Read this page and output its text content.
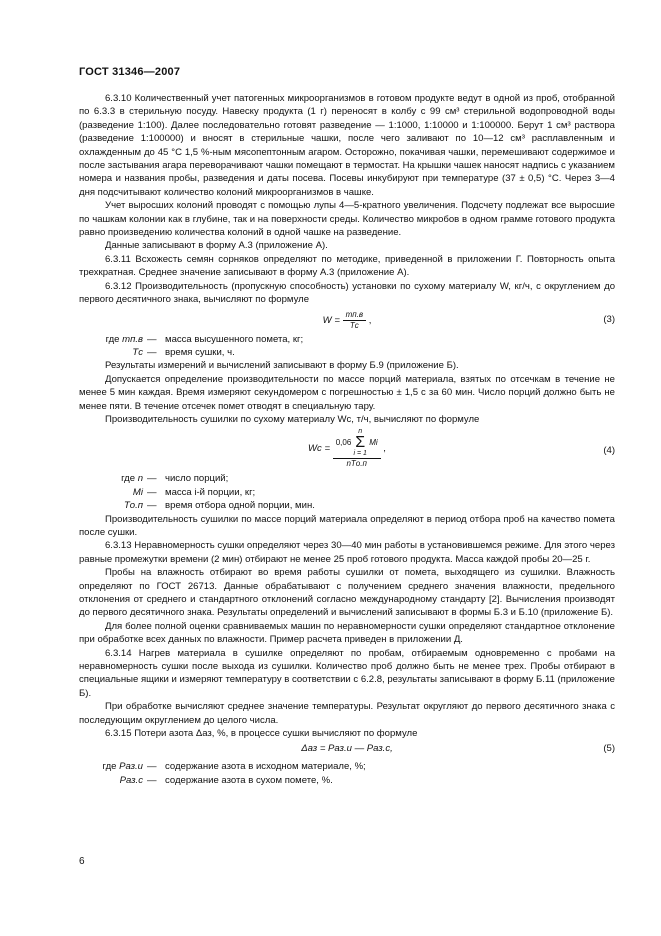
ГОСТ 31346—2007

6.3.10 Количественный учет патогенных микроорганизмов в готовом продукте ведут в одной из проб, отобранной по 6.3.3 в стерильную посуду. Навеску продукта (1 г) переносят в колбу с 99 см³ стерильной водопроводной воды (разведение 1:100). Далее последовательно готовят разведение — 1:1000, 1:10000 и 1:100000. Берут 1 см³ раствора (разведение 1:100000) и вносят в стерильные чашки, после чего заливают по 10—12 см³ расплавленным и охлажденным до 45 °С 1,5 %-ным мясопептонным агаром. Осторожно, покачивая чашки, перемешивают содержимое и после застывания агара переворачивают чашки помещают в термостат. На крышки чашек наносят надпись с указанием номера и названия пробы, разведения и даты посева. Посевы инкубируют при температуре (37 ± 0,5) °С. Через 3—4 дня подсчитывают количество колоний микроорганизмов в чашке.

Учет выросших колоний проводят с помощью лупы 4—5-кратного увеличения. Подсчету подлежат все выросшие по чашкам колонии как в глубине, так и на поверхности среды. Количество микробов в одном грамме готового продукта равно произведению количества колоний в одной чашке на разведение.

Данные записывают в форму А.3 (приложение А).

6.3.11 Всхожесть семян сорняков определяют по методике, приведенной в приложении Г. Повторность опыта трехкратная. Среднее значение записывают в форму А.3 (приложение А).

6.3.12 Производительность (пропускную способность) установки по сухому материалу W, кг/ч, с округлением до первого десятичного знака, вычисляют по формуле

$W = \frac{mп.в}{Tс}$ ,	(3)
где mп.в — масса высушенного помета, кг;
Tс — время сушки, ч.

Результаты измерений и вычислений записывают в форму Б.9 (приложение Б).

Допускается определение производительности по массе порций материала, взятых по отсечкам в течение не менее 5 мин каждая. Время измеряют секундомером с погрешностью ± 1,5 с за 60 мин. Число порций должно быть не менее пяти. В течение отсечек помет отводят в специальную тару.

Производительность сушилки по сухому материалу Wс, т/ч, вычисляют по формуле

Wс =
0,06
n
Σ
i = 1
Mi
nTо.п
,	(4)
где n — число порций;
Mi — масса i-й порции, кг;
Tо.п — время отбора одной порции, мин.

Производительность сушилки по массе порций материала определяют в период отбора проб на качество помета после сушки.

6.3.13 Неравномерность сушки определяют через 30—40 мин работы в установившемся режиме. Для этого через равные промежутки времени (2 мин) отбирают не менее 25 проб готового продукта. Масса каждой пробы 20—25 г.

Пробы на влажность отбирают во время работы сушилки от помета, выходящего из сушилки. Влажность определяют по ГОСТ 26713. Данные обрабатывают с получением среднего значения влажности, предельного отклонения от среднего и стандартного отклонений согласно международному стандарту [2]. Вычисления производят до первого десятичного знака. Результаты определений и вычислений записывают в формы Б.3 и Б.10 (приложение Б).

Для более полной оценки сравниваемых машин по неравномерности сушки определяют стандартное отклонение при обработке всех данных по влажности. Пример расчета приведен в приложении Д.

6.3.14 Нагрев материала в сушилке определяют по пробам, отбираемым одновременно с пробами на неравномерность сушки после выхода из сушилки. Количество проб должно быть не менее трех. Пробы отбирают в специальные ящики и измеряют температуру в соответствии с 6.2.8, результаты записывают в форму Б.11 (приложение Б).

При обработке вычисляют среднее значение температуры. Результат округляют до первого десятичного знака с последующим округлением до целого числа.

6.3.15 Потери азота Δаз, %, в процессе сушки вычисляют по формуле

Δаз = Pаз.и — Pаз.с,	(5)
где Pаз.и — содержание азота в исходном материале, %;
Pаз.с — содержание азота в сухом помете, %.
6
